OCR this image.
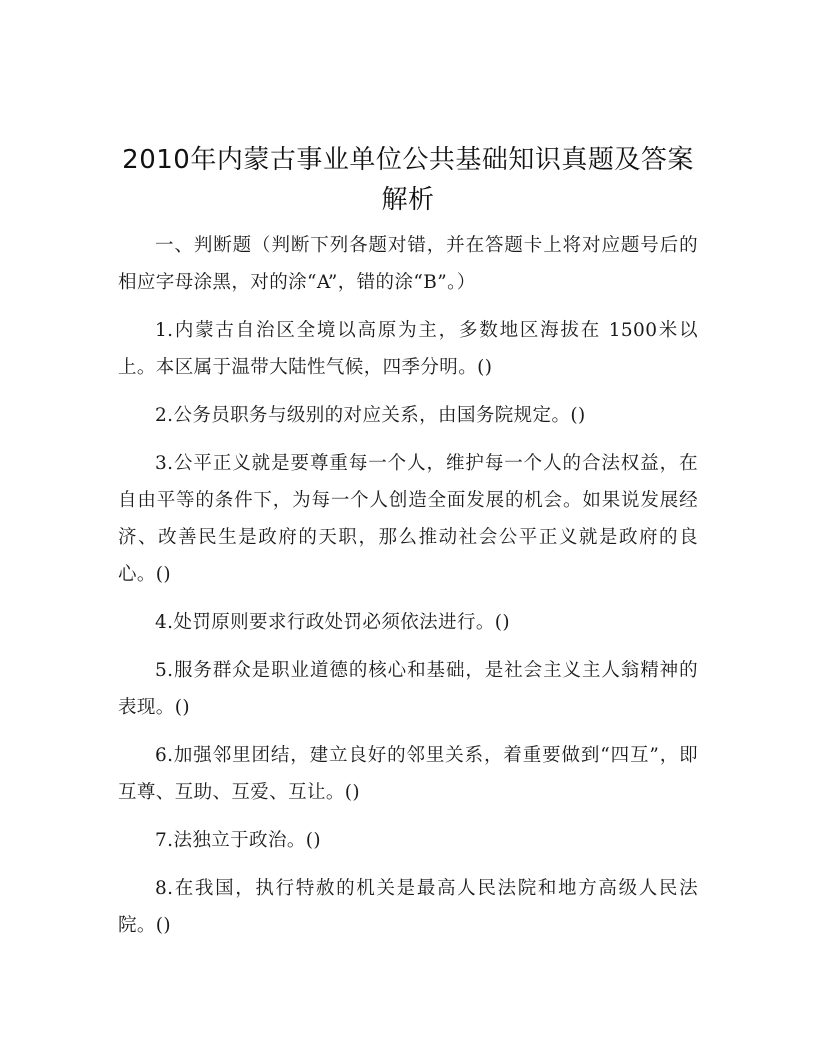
2010年内蒙古事业单位公共基础知识真题及答案解析

一、判断题（判断下列各题对错，并在答题卡上将对应题号后的相应字母涂黑，对的涂“A”，错的涂“B”。）

1.内蒙古自治区全境以高原为主，多数地区海拔在 1500米以上。本区属于温带大陆性气候，四季分明。()

2.公务员职务与级别的对应关系，由国务院规定。()

3.公平正义就是要尊重每一个人，维护每一个人的合法权益，在自由平等的条件下，为每一个人创造全面发展的机会。如果说发展经济、改善民生是政府的天职，那么推动社会公平正义就是政府的良心。()

4.处罚原则要求行政处罚必须依法进行。()

5.服务群众是职业道德的核心和基础，是社会主义主人翁精神的表现。()

6.加强邻里团结，建立良好的邻里关系，着重要做到“四互”，即互尊、互助、互爱、互让。()

7.法独立于政治。()

8.在我国，执行特赦的机关是最高人民法院和地方高级人民法院。()
